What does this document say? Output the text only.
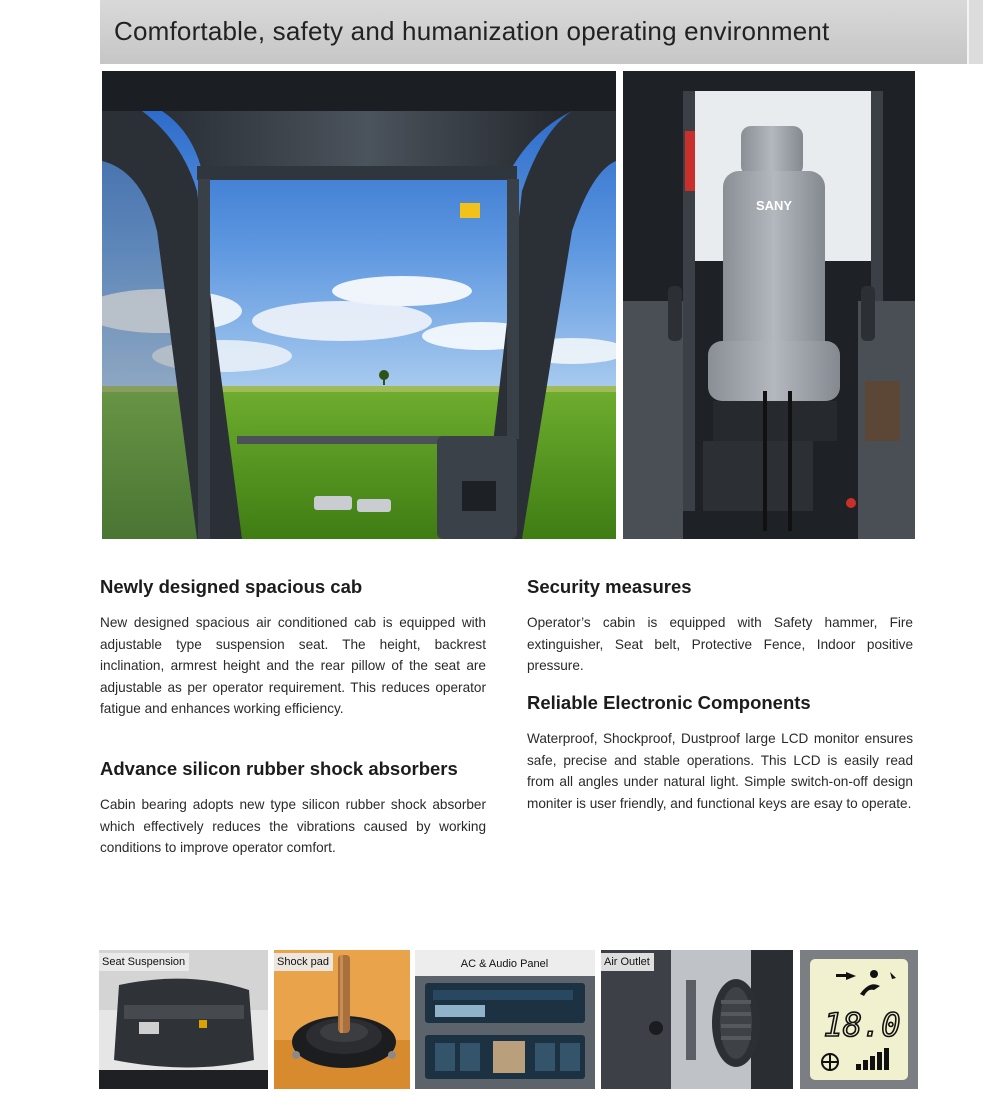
Comfortable, safety and humanization operating environment
SANY
Newly designed spacious cab

New designed spacious air conditioned cab is equipped with adjustable type suspension seat. The height, backrest inclination, armrest height and the rear pillow of the seat are adjustable as per operator requirement. This reduces operator fatigue and enhances working efficiency.

Advance silicon rubber shock absorbers

Cabin bearing adopts new type silicon rubber shock absorber which effectively reduces the vibrations caused by working conditions to improve operator comfort.

Security measures

Operator’s cabin is equipped with Safety hammer, Fire extinguisher, Seat belt, Protective Fence, Indoor positive pressure.

Reliable Electronic Components

Waterproof, Shockproof, Dustproof large LCD monitor ensures safe, precise and stable operations. This LCD is easily read from all angles under natural light. Simple switch-on-off design moniter is user friendly, and functional keys are esay to operate.

Seat Suspension	Shock pad	AC & Audio Panel	Air Outlet
18.0
